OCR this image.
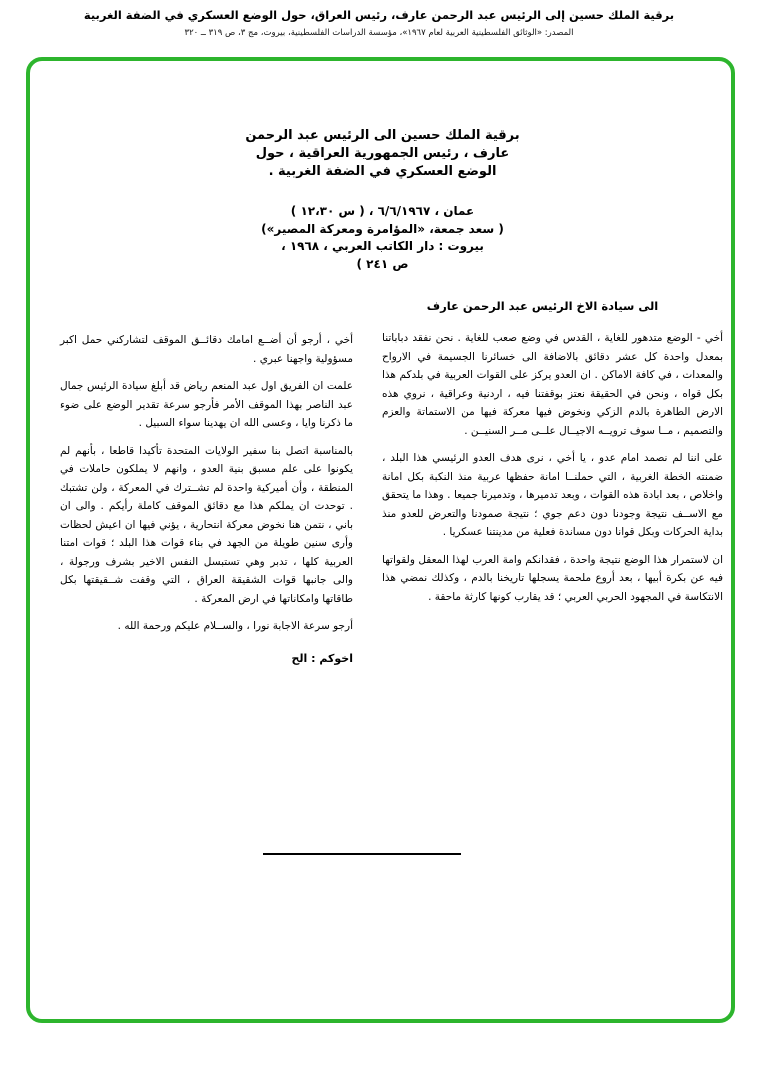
برقية الملك حسين إلى الرئيس عبد الرحمن عارف، رئيس العراق، حول الوضع العسكري في الضفة الغربية
المصدر: «الوثائق الفلسطينية العربية لعام ١٩٦٧»، مؤسسة الدراسات الفلسطينية، بيروت، مج ٣، ص ٣١٩ ــ ٣٢٠
برقية الملك حسين الى الرئيس عبد الرحمن
عارف ، رئيس الجمهورية العراقية ، حول
الوضع العسكري في الضفة الغربية .
عمان ، ٦/٦/١٩٦٧ ، ( س ١٢،٣٠ )
( سعد جمعة، «المؤامرة ومعركة المصير»)
بيروت : دار الكاتب العربي ، ١٩٦٨ ،
ص ٢٤١ )
الى سيادة الاخ الرئيس عبد الرحمن عارف

أخي - الوضع متدهور للغاية ، القدس في وضع صعب للغاية . نحن نفقد دباباتنا بمعدل واحدة كل عشر دقائق بالاضافة الى خسائرنا الجسيمة في الارواح والمعدات ، في كافة الاماكن . ان العدو يركز على القوات العربية في بلدكم هذا بكل قواه ، ونحن في الحقيقة نعتز بوقفتنا فيه ، اردنية وعراقية ، نروي هذه الارض الطاهرة بالدم الزكي ونخوض فيها معركة فيها من الاستماتة والعزم والتصميم ، مــا سوف ترويــه الاجيــال علــى مــر السنيــن .

على اننا لم نصمد امام عدو ، يا أخي ، نرى هدف العدو الرئيسي هذا البلد ، ضمنته الخطة الغربية ، التي حملنــا امانة حفظها عربية منذ النكبة بكل امانة واخلاص ، بعد ابادة هذه القوات ، وبعد تدميرها ، وتدميرنا جميعا . وهذا ما يتحقق مع الاســف نتيجة وجودنا دون دعم جوي ؛ نتيجة صمودنا والتعرض للعدو منذ بداية الحركات وبكل قوانا دون مساندة فعلية من مدينتنا عسكريا .

ان لاستمرار هذا الوضع نتيجة واحدة ، فقدانكم وامة العرب لهذا المعقل ولقواتها فيه عن بكرة أبيها ، بعد أروع ملحمة يسجلها تاريخنا بالدم ، وكذلك نمضي هذا الانتكاسة في المجهود الحربي العربي ؛ قد يقارب كونها كارثة ماحقة .

أخي ، أرجو أن أضــع امامك دقائــق الموقف لتشاركني حمل اكبر مسؤولية واجهنا عبري .

علمت ان الفريق اول عبد المنعم رياض قد أبلغ سيادة الرئيس جمال عبد الناصر بهذا الموقف الأمر فأرجو سرعة تقدير الوضع على ضوء ما ذكرنا وايا ، وعسى الله ان يهدينا سواء السبيل .

بالمناسبة اتصل بنا سفير الولايات المتحدة تأكيدا قاطعا ، بأنهم لم يكونوا على علم مسبق بنية العدو ، وانهم لا يملكون حاملات في المنطقة ، وأن أميركية واحدة لم تشــترك في المعركة ، ولن تشتبك . توحدت ان يملكم هذا مع دقائق الموقف كاملة رأيكم . والى ان باني ، نتمن هنا نخوض معركة انتحارية ، يؤني فيها ان اعيش لحظات وأرى سنين طويلة من الجهد في بناء قوات هذا البلد ؛ قوات امتنا العربية كلها ، تدبر وهي تستبسل النفس الاخير بشرف ورجولة ، والى جانبها قوات الشقيقة العراق ، التي وقفت شــقيقتها بكل طاقاتها وامكاناتها في ارض المعركة .

أرجو سرعة الاجابة نورا ، والســلام عليكم ورحمة الله .

اخوكم : الح
